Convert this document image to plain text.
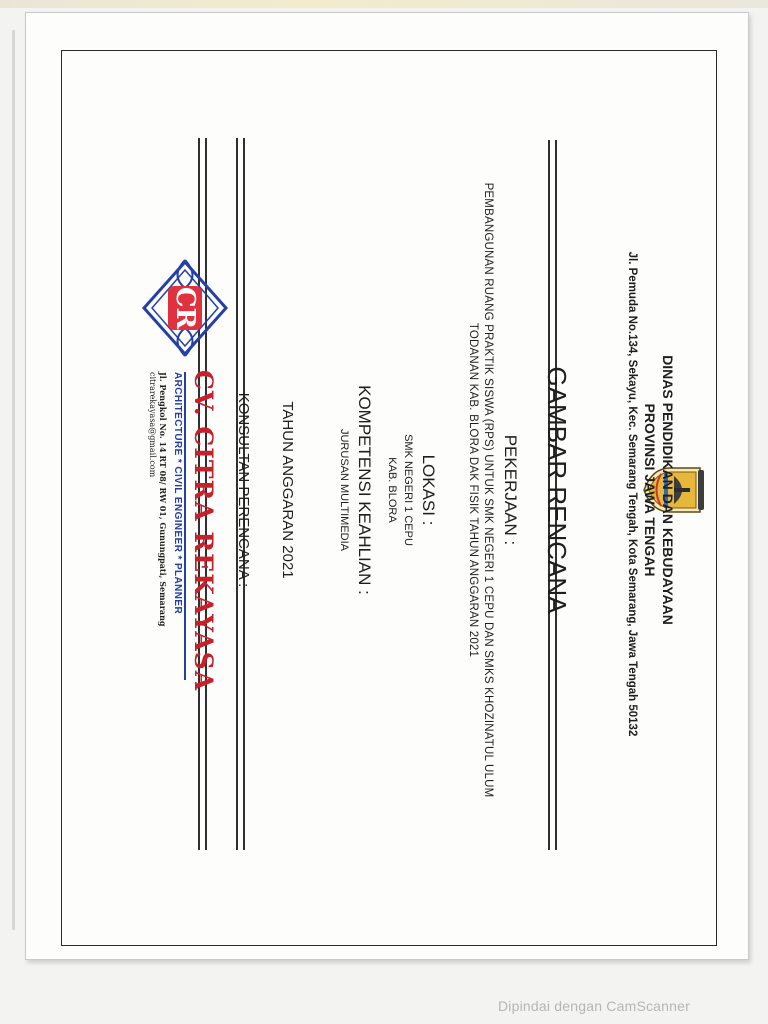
DINAS PENDIDIKAN DAN KEBUDAYAAN
PROVINSI JAWA TENGAH
Jl. Pemuda No.134, Sekayu, Kec. Semarang Tengah, Kota Semarang, Jawa Tengah 50132
GAMBAR RENCANA
PEKERJAAN :
PEMBANGUNAN RUANG PRAKTIK SISWA (RPS) UNTUK SMK NEGERI 1 CEPU DAN SMKS KHOZINATUL ULUM
TODANAN KAB. BLORA DAK FISIK TAHUN ANGGARAN 2021
LOKASI :
SMK NEGERI 1 CEPU
KAB. BLORA
KOMPETENSI KEAHLIAN :
JURUSAN MULTIMEDIA
TAHUN ANGGARAN 2021
KONSULTAN PERENCANA :
CR
CV. CITRA REKAYASA
ARCHITECTURE * CIVIL ENGINEER * PLANNER
Jl. Pengkol No. 14 RT 08/ RW 01, Gunungpati, Semarang
citrarekayasa@gmail.com
Dipindai dengan CamScanner
